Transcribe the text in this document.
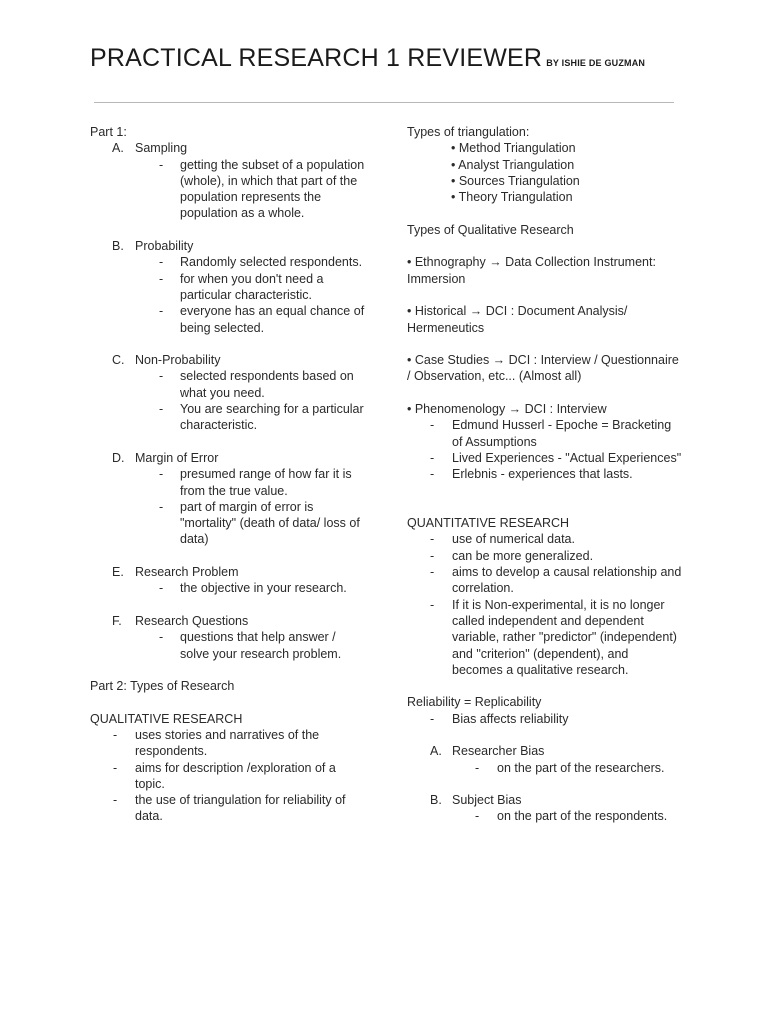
PRACTICAL RESEARCH 1 REVIEWER BY ISHIE DE GUZMAN
Part 1:
A. Sampling
- getting the subset of a population (whole), in which that part of the population represents the population as a whole.
B. Probability
- Randomly selected respondents.
- for when you don't need a particular characteristic.
- everyone has an equal chance of being selected.
C. Non-Probability
- selected respondents based on what you need.
- You are searching for a particular characteristic.
D. Margin of Error
- presumed range of how far it is from the true value.
- part of margin of error is "mortality" (death of data/ loss of data)
E. Research Problem
- the objective in your research.
F. Research Questions
- questions that help answer / solve your research problem.
Part 2: Types of Research
QUALITATIVE RESEARCH
- uses stories and narratives of the respondents.
- aims for description /exploration of a topic.
- the use of triangulation for reliability of data.
Types of triangulation:
• Method Triangulation
• Analyst Triangulation
• Sources Triangulation
• Theory Triangulation
Types of Qualitative Research
• Ethnography → Data Collection Instrument: Immersion
• Historical → DCI : Document Analysis/ Hermeneutics
• Case Studies → DCI : Interview / Questionnaire / Observation, etc... (Almost all)
• Phenomenology → DCI : Interview
- Edmund Husserl - Epoche = Bracketing of Assumptions
- Lived Experiences - "Actual Experiences"
- Erlebnis - experiences that lasts.
QUANTITATIVE RESEARCH
- use of numerical data.
- can be more generalized.
- aims to develop a causal relationship and correlation.
- If it is Non-experimental, it is no longer called independent and dependent variable, rather "predictor" (independent) and "criterion" (dependent), and becomes a qualitative research.
Reliability = Replicability
- Bias affects reliability
A. Researcher Bias
- on the part of the researchers.
B. Subject Bias
- on the part of the respondents.
